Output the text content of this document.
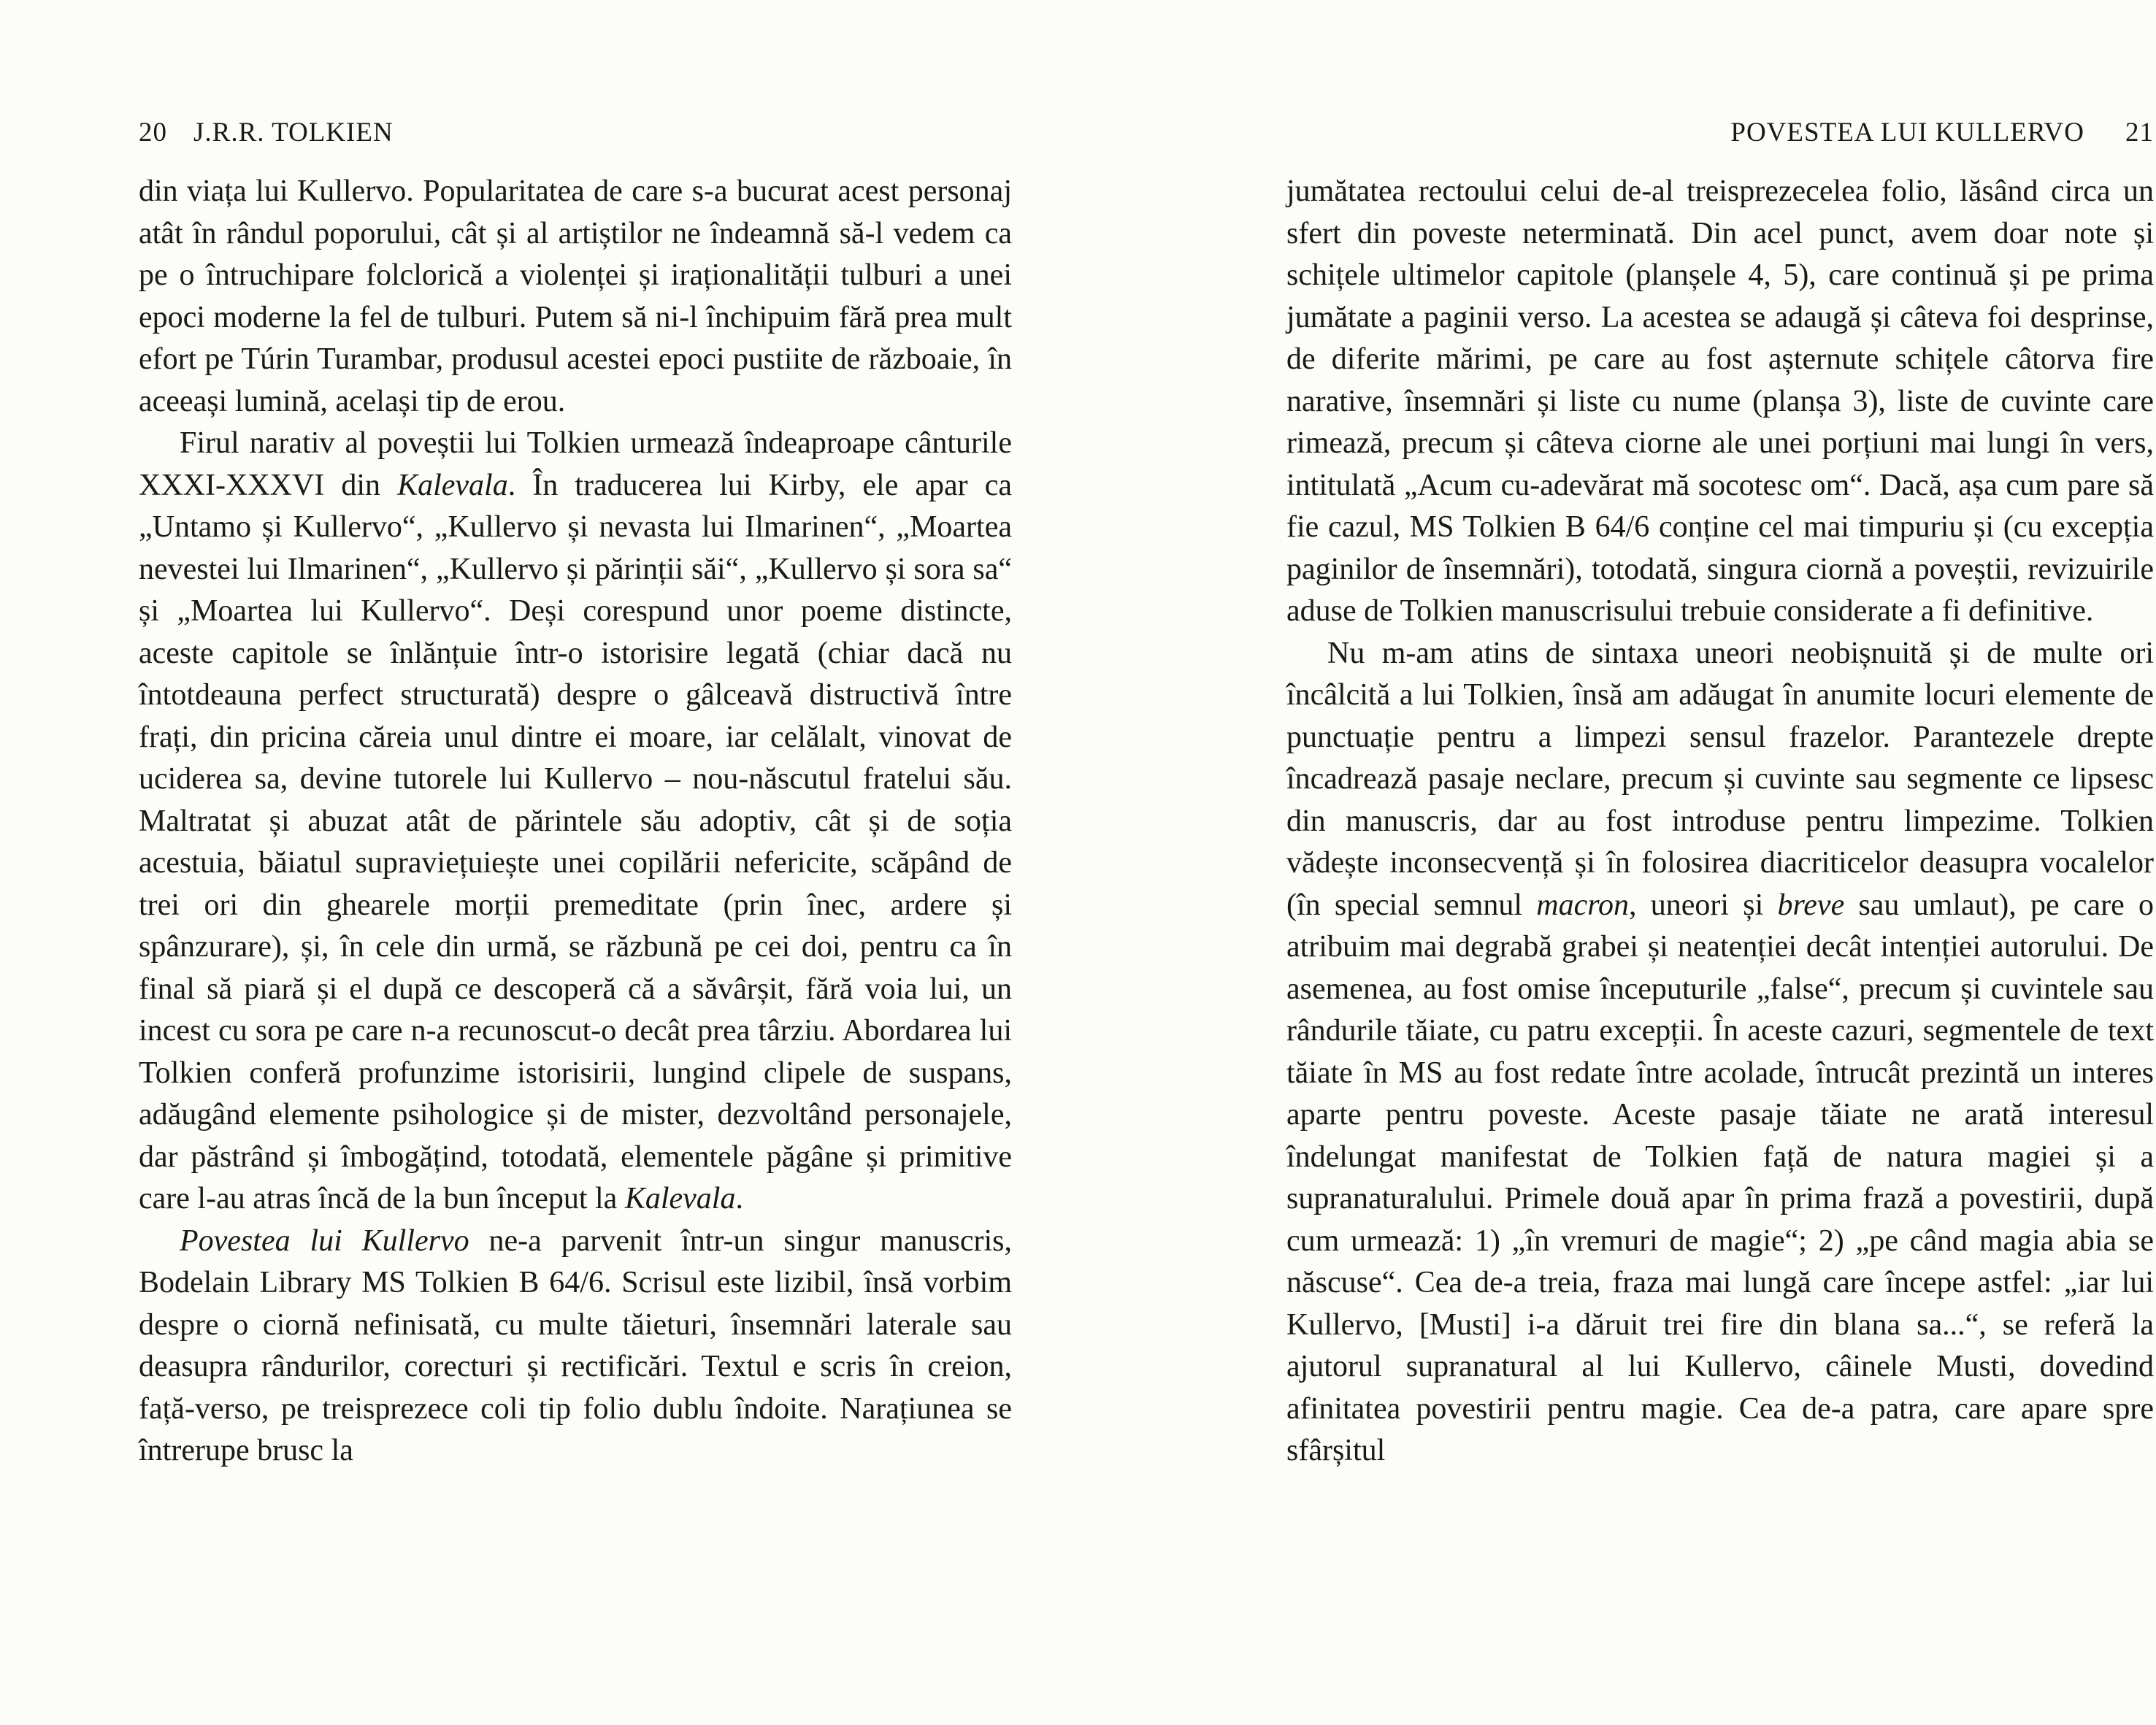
20 J.R.R. TOLKIEN

din viața lui Kullervo. Popularitatea de care s-a bucurat acest personaj atât în rândul poporului, cât și al artiștilor ne îndeamnă să-l vedem ca pe o întruchipare folclorică a violenței și iraționalității tulburi a unei epoci moderne la fel de tulburi. Putem să ni-l închipuim fără prea mult efort pe Túrin Turambar, produsul acestei epoci pustiite de războaie, în aceeași lumină, același tip de erou.

Firul narativ al poveștii lui Tolkien urmează îndeaproape cânturile XXXI-XXXVI din Kalevala. În traducerea lui Kirby, ele apar ca „Untamo și Kullervo“, „Kullervo și nevasta lui Ilmarinen“, „Moartea nevestei lui Ilmarinen“, „Kullervo și părinții săi“, „Kullervo și sora sa“ și „Moartea lui Kullervo“. Deși corespund unor poeme distincte, aceste capitole se înlănțuie într-o istorisire legată (chiar dacă nu întotdeauna perfect structurată) despre o gâlceavă distructivă între frați, din pricina căreia unul dintre ei moare, iar celălalt, vinovat de uciderea sa, devine tutorele lui Kullervo – nou-născutul fratelui său. Maltratat și abuzat atât de părintele său adoptiv, cât și de soția acestuia, băiatul supraviețuiește unei copilării nefericite, scăpând de trei ori din ghearele morții premeditate (prin înec, ardere și spânzurare), și, în cele din urmă, se răzbună pe cei doi, pentru ca în final să piară și el după ce descoperă că a săvârșit, fără voia lui, un incest cu sora pe care n-a recunoscut-o decât prea târziu. Abordarea lui Tolkien conferă profunzime istorisirii, lungind clipele de suspans, adăugând elemente psihologice și de mister, dezvoltând personajele, dar păstrând și îmbogățind, totodată, elementele păgâne și primitive care l-au atras încă de la bun început la Kalevala.

Povestea lui Kullervo ne-a parvenit într-un singur manuscris, Bodelain Library MS Tolkien B 64/6. Scrisul este lizibil, însă vorbim despre o ciornă nefinisată, cu multe tăieturi, însemnări laterale sau deasupra rândurilor, corecturi și rectificări. Textul e scris în creion, față-verso, pe treisprezece coli tip folio dublu îndoite. Narațiunea se întrerupe brusc la

POVESTEA LUI KULLERVO 21

jumătatea rectoului celui de-al treisprezecelea folio, lăsând circa un sfert din poveste neterminată. Din acel punct, avem doar note și schițele ultimelor capitole (planșele 4, 5), care continuă și pe prima jumătate a paginii verso. La acestea se adaugă și câteva foi desprinse, de diferite mărimi, pe care au fost așternute schițele câtorva fire narative, însemnări și liste cu nume (planșa 3), liste de cuvinte care rimează, precum și câteva ciorne ale unei porțiuni mai lungi în vers, intitulată „Acum cu-adevărat mă socotesc om“. Dacă, așa cum pare să fie cazul, MS Tolkien B 64/6 conține cel mai timpuriu și (cu excepția paginilor de însemnări), totodată, singura ciornă a poveștii, revizuirile aduse de Tolkien manuscrisului trebuie considerate a fi definitive.

Nu m-am atins de sintaxa uneori neobișnuită și de multe ori încâlcită a lui Tolkien, însă am adăugat în anumite locuri elemente de punctuație pentru a limpezi sensul frazelor. Parantezele drepte încadrează pasaje neclare, precum și cuvinte sau segmente ce lipsesc din manuscris, dar au fost introduse pentru limpezime. Tolkien vădește inconsecvență și în folosirea diacriticelor deasupra vocalelor (în special semnul macron, uneori și breve sau umlaut), pe care o atribuim mai degrabă grabei și neatenției decât intenției autorului. De asemenea, au fost omise începuturile „false“, precum și cuvintele sau rândurile tăiate, cu patru excepții. În aceste cazuri, segmentele de text tăiate în MS au fost redate între acolade, întrucât prezintă un interes aparte pentru poveste. Aceste pasaje tăiate ne arată interesul îndelungat manifestat de Tolkien față de natura magiei și a supranaturalului. Primele două apar în prima frază a povestirii, după cum urmează: 1) „în vremuri de magie“; 2) „pe când magia abia se născuse“. Cea de-a treia, fraza mai lungă care începe astfel: „iar lui Kullervo, [Musti] i-a dăruit trei fire din blana sa...“, se referă la ajutorul supranatural al lui Kullervo, câinele Musti, dovedind afinitatea povestirii pentru magie. Cea de-a patra, care apare spre sfârșitul
